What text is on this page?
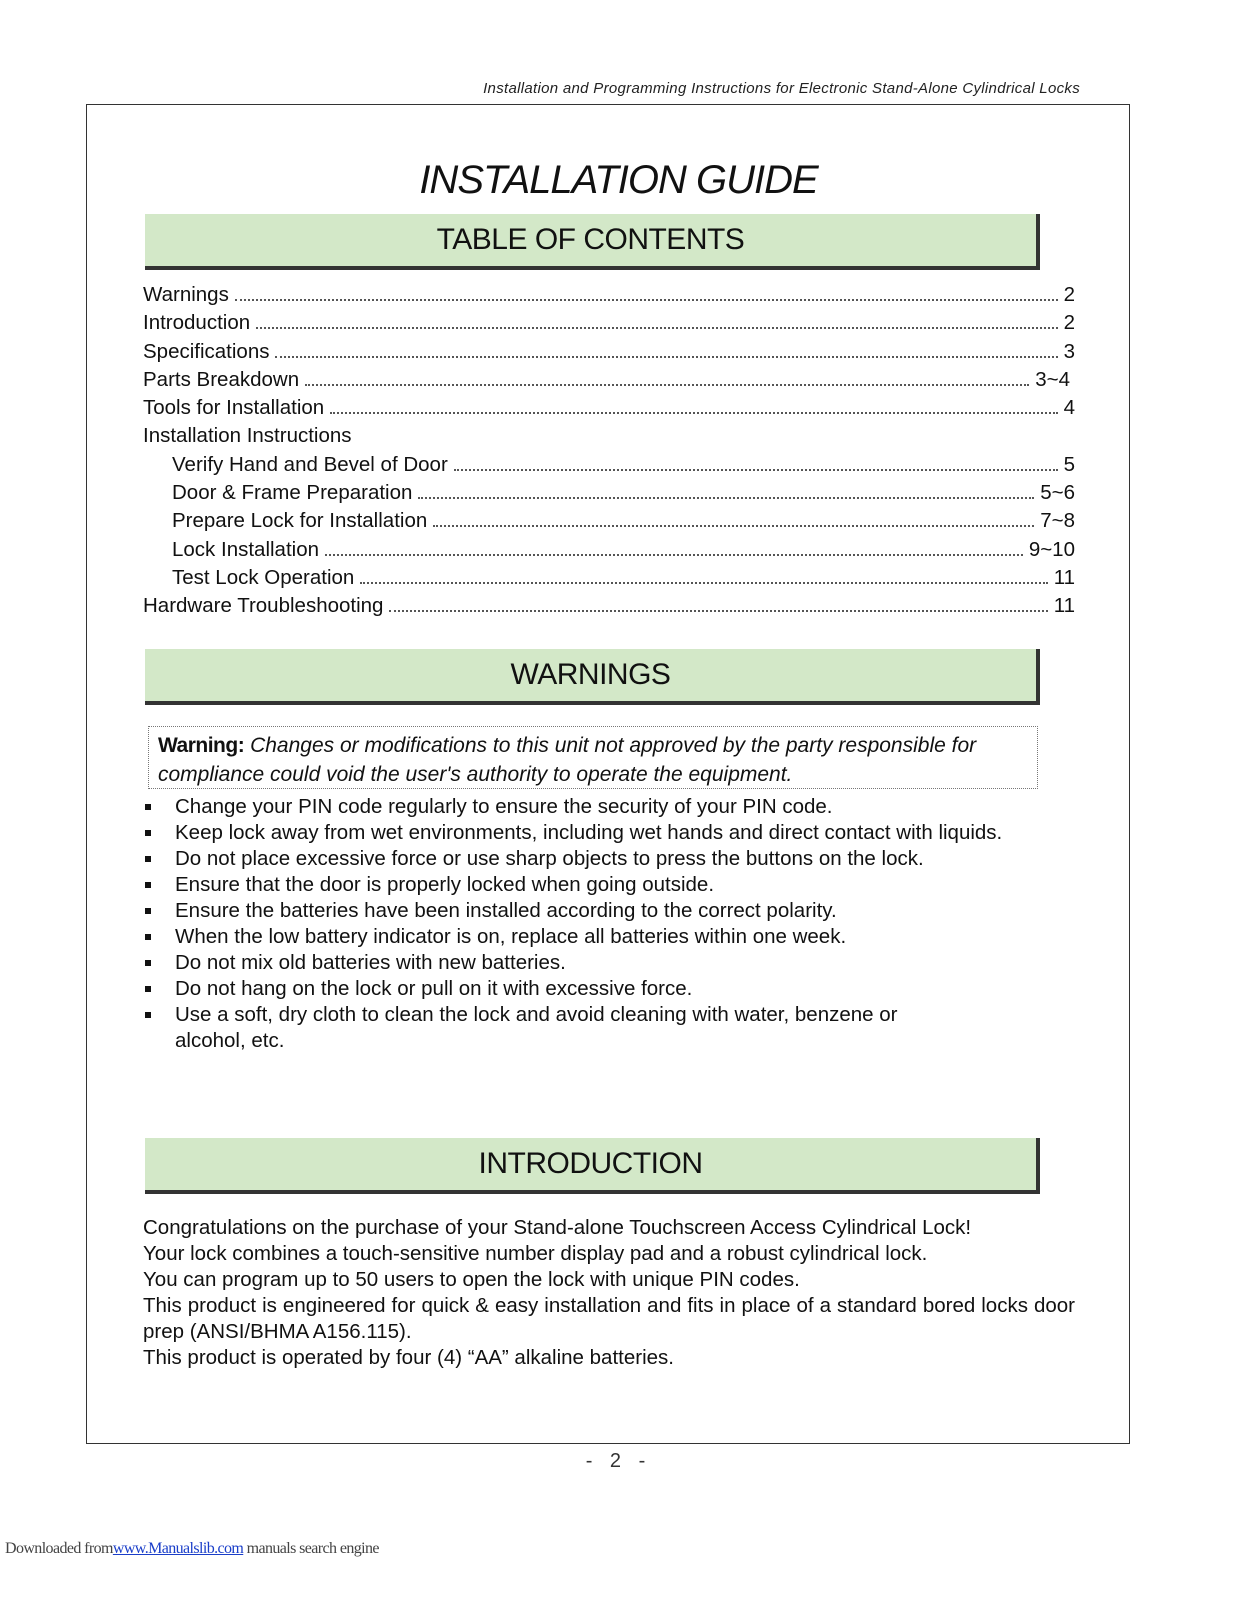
Installation and Programming Instructions for Electronic Stand-Alone Cylindrical Locks
INSTALLATION GUIDE
TABLE OF CONTENTS
Warnings	2
Introduction	2
Specifications	3
Parts Breakdown	3~4
Tools for Installation	4
Installation Instructions
Verify Hand and Bevel of Door	5
Door & Frame Preparation	5~6
Prepare Lock for Installation	7~8
Lock Installation	9~10
Test Lock Operation	11
Hardware Troubleshooting	11
WARNINGS
Warning: Changes or modifications to this unit not approved by the party responsible for compliance could void the user's authority to operate the equipment.
Change your PIN code regularly to ensure the security of your PIN code.
Keep lock away from wet environments, including wet hands and direct contact with liquids.
Do not place excessive force or use sharp objects to press the buttons on the lock.
Ensure that the door is properly locked when going outside.
Ensure the batteries have been installed according to the correct polarity.
When the low battery indicator is on, replace all batteries within one week.
Do not mix old batteries with new batteries.
Do not hang on the lock or pull on it with excessive force.
Use a soft, dry cloth to clean the lock and avoid cleaning with water, benzene or alcohol, etc.
INTRODUCTION

Congratulations on the purchase of your Stand-alone Touchscreen Access Cylindrical Lock!

Your lock combines a touch-sensitive number display pad and a robust cylindrical lock.

You can program up to 50 users to open the lock with unique PIN codes.

This product is engineered for quick & easy installation and fits in place of a standard bored locks door prep (ANSI/BHMA A156.115).

This product is operated by four (4) “AA” alkaline batteries.

- 2 -
Downloaded fromwww.Manualslib.com manuals search engine
